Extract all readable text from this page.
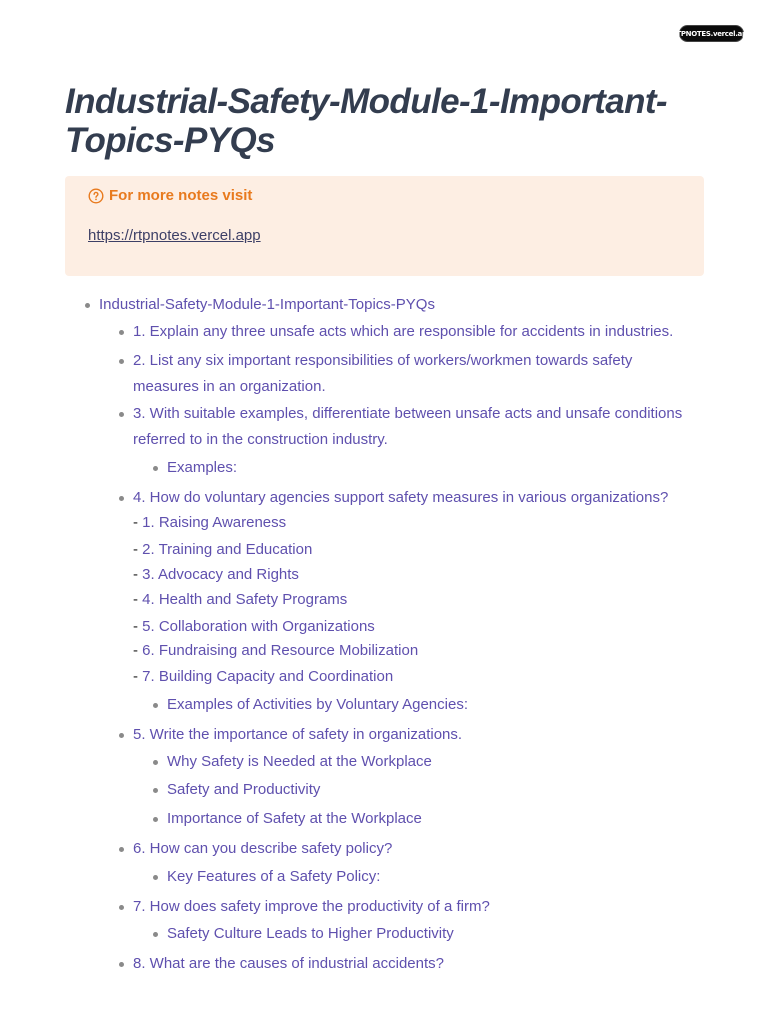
RTPNOTES.vercel.app
Industrial-Safety-Module-1-Important-Topics-PYQs
For more notes visit
https://rtpnotes.vercel.app
Industrial-Safety-Module-1-Important-Topics-PYQs
1. Explain any three unsafe acts which are responsible for accidents in industries.
2. List any six important responsibilities of workers/workmen towards safety
measures in an organization.
3. With suitable examples, differentiate between unsafe acts and unsafe conditions
referred to in the construction industry.
Examples:
4. How do voluntary agencies support safety measures in various organizations?
- 1. Raising Awareness
- 2. Training and Education
- 3. Advocacy and Rights
- 4. Health and Safety Programs
- 5. Collaboration with Organizations
- 6. Fundraising and Resource Mobilization
- 7. Building Capacity and Coordination
Examples of Activities by Voluntary Agencies:
5. Write the importance of safety in organizations.
Why Safety is Needed at the Workplace
Safety and Productivity
Importance of Safety at the Workplace
6. How can you describe safety policy?
Key Features of a Safety Policy:
7. How does safety improve the productivity of a firm?
Safety Culture Leads to Higher Productivity
8. What are the causes of industrial accidents?
